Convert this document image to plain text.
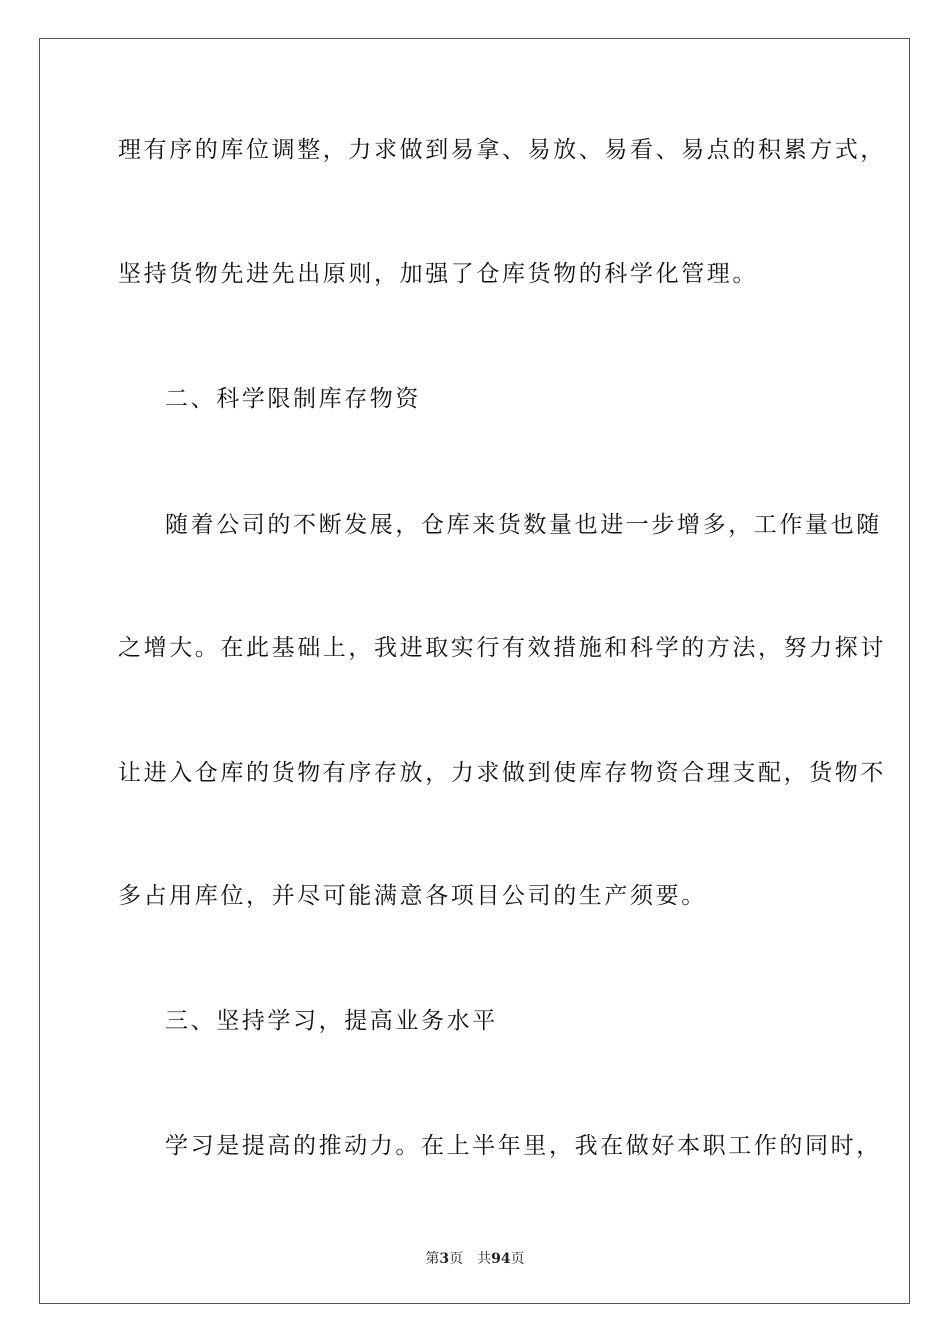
理有序的库位调整，力求做到易拿、易放、易看、易点的积累方式，
坚持货物先进先出原则，加强了仓库货物的科学化管理。
二、科学限制库存物资
随着公司的不断发展，仓库来货数量也进一步增多，工作量也随
之增大。在此基础上，我进取实行有效措施和科学的方法，努力探讨
让进入仓库的货物有序存放，力求做到使库存物资合理支配，货物不
多占用库位，并尽可能满意各项目公司的生产须要。
三、坚持学习，提高业务水平
学习是提高的推动力。在上半年里，我在做好本职工作的同时，
第3页 共94页
